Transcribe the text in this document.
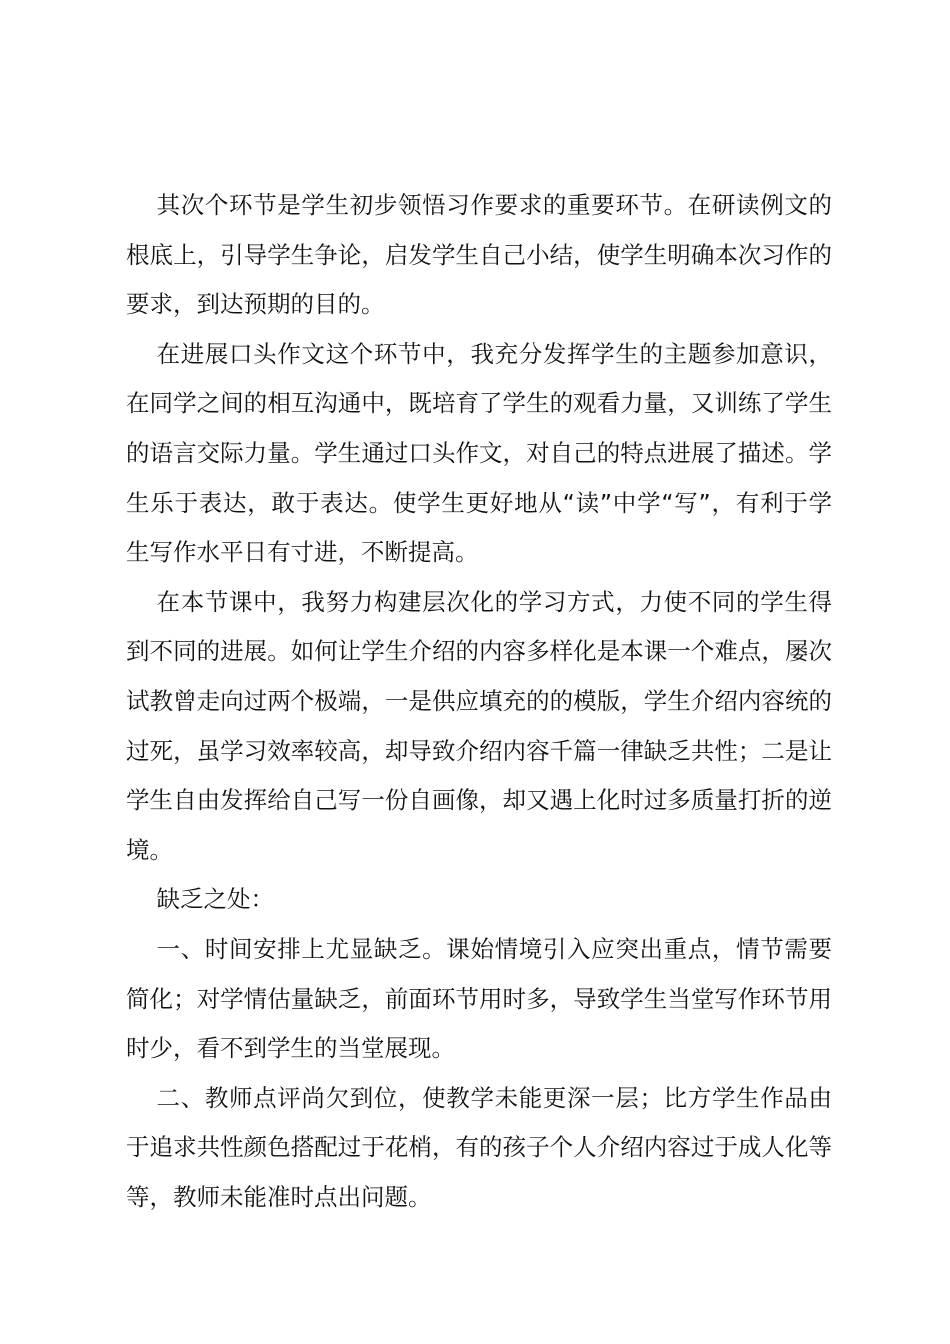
其次个环节是学生初步领悟习作要求的重要环节。在研读例文的根底上，引导学生争论，启发学生自己小结，使学生明确本次习作的要求，到达预期的目的。

在进展口头作文这个环节中，我充分发挥学生的主题参加意识，在同学之间的相互沟通中，既培育了学生的观看力量，又训练了学生的语言交际力量。学生通过口头作文，对自己的特点进展了描述。学生乐于表达，敢于表达。使学生更好地从“读”中学“写”，有利于学生写作水平日有寸进，不断提高。

在本节课中，我努力构建层次化的学习方式，力使不同的学生得到不同的进展。如何让学生介绍的内容多样化是本课一个难点，屡次试教曾走向过两个极端，一是供应填充的的模版，学生介绍内容统的过死，虽学习效率较高，却导致介绍内容千篇一律缺乏共性；二是让学生自由发挥给自己写一份自画像，却又遇上化时过多质量打折的逆境。

缺乏之处：

一、时间安排上尤显缺乏。课始情境引入应突出重点，情节需要简化；对学情估量缺乏，前面环节用时多，导致学生当堂写作环节用时少，看不到学生的当堂展现。

二、教师点评尚欠到位，使教学未能更深一层；比方学生作品由于追求共性颜色搭配过于花梢，有的孩子个人介绍内容过于成人化等等，教师未能准时点出问题。
